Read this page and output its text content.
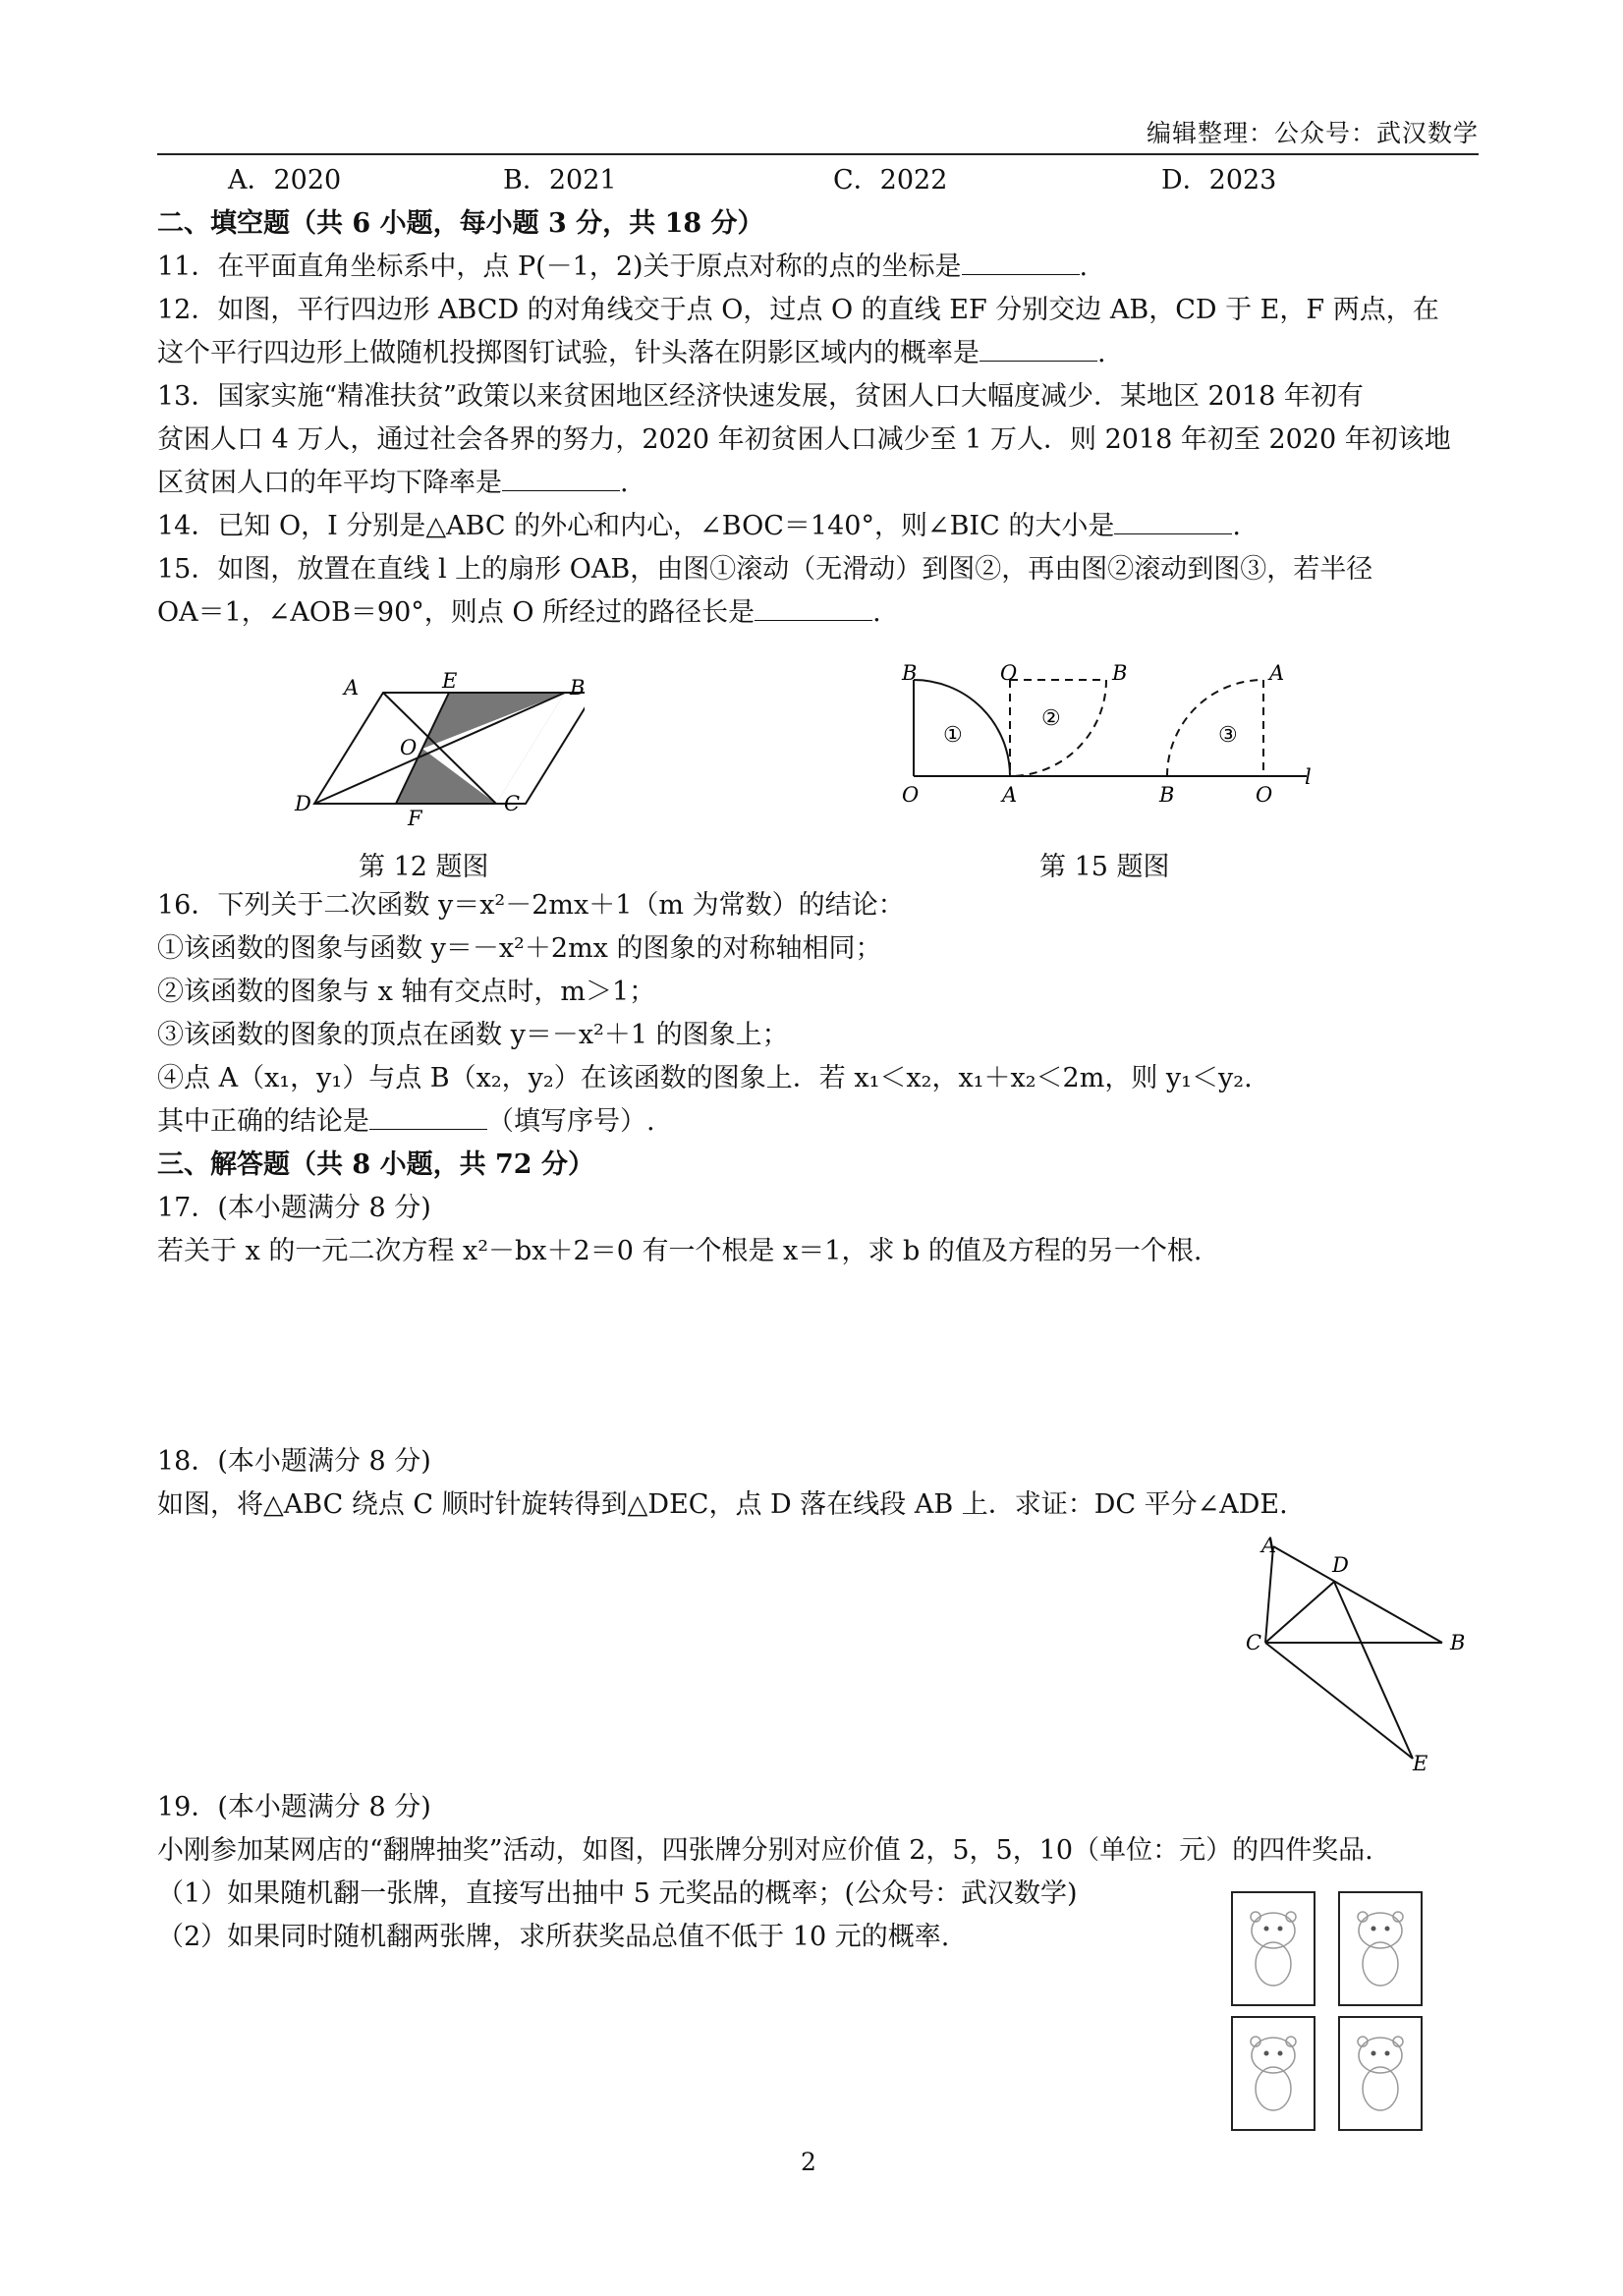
编辑整理：公众号：武汉数学
A．2020	B．2021	C．2022	D．2023
二、填空题（共 6 小题，每小题 3 分，共 18 分）
11．在平面直角坐标系中，点 P(－1，2)关于原点对称的点的坐标是	.
12．如图，平行四边形 ABCD 的对角线交于点 O，过点 O 的直线 EF 分别交边 AB，CD 于 E，F 两点，在
这个平行四边形上做随机投掷图钉试验，针头落在阴影区域内的概率是	.
13．国家实施“精准扶贫”政策以来贫困地区经济快速发展，贫困人口大幅度减少．某地区 2018 年初有
贫困人口 4 万人，通过社会各界的努力，2020 年初贫困人口减少至 1 万人．则 2018 年初至 2020 年初该地
区贫困人口的年平均下降率是	.
14．已知 O，I 分别是△ABC 的外心和内心，∠BOC＝140°，则∠BIC 的大小是	.
15．如图，放置在直线 l 上的扇形 OAB，由图①滚动（无滑动）到图②，再由图②滚动到图③，若半径
OA＝1，∠AOB＝90°，则点 O 所经过的路径长是	.
A	E	B
O
D
F
C
第 12 题图
B	O	B	A
O	A	B	O
l
①
②
③
第 15 题图
16．下列关于二次函数 y＝x²－2mx＋1（m 为常数）的结论：
①该函数的图象与函数 y＝－x²＋2mx 的图象的对称轴相同；
②该函数的图象与 x 轴有交点时，m＞1；
③该函数的图象的顶点在函数 y＝－x²＋1 的图象上；
④点 A（x₁，y₁）与点 B（x₂，y₂）在该函数的图象上．若 x₁＜x₂，x₁＋x₂＜2m，则 y₁＜y₂.
其中正确的结论是	（填写序号）.
三、解答题（共 8 小题，共 72 分）
17．(本小题满分 8 分)
若关于 x 的一元二次方程 x²－bx＋2＝0 有一个根是 x＝1，求 b 的值及方程的另一个根.
18．(本小题满分 8 分)
如图，将△ABC 绕点 C 顺时针旋转得到△DEC，点 D 落在线段 AB 上．求证：DC 平分∠ADE.
A
D
C	B
E
19．(本小题满分 8 分)
小刚参加某网店的“翻牌抽奖”活动，如图，四张牌分别对应价值 2，5，5，10（单位：元）的四件奖品.
（1）如果随机翻一张牌，直接写出抽中 5 元奖品的概率；(公众号：武汉数学)
（2）如果同时随机翻两张牌，求所获奖品总值不低于 10 元的概率.
2
